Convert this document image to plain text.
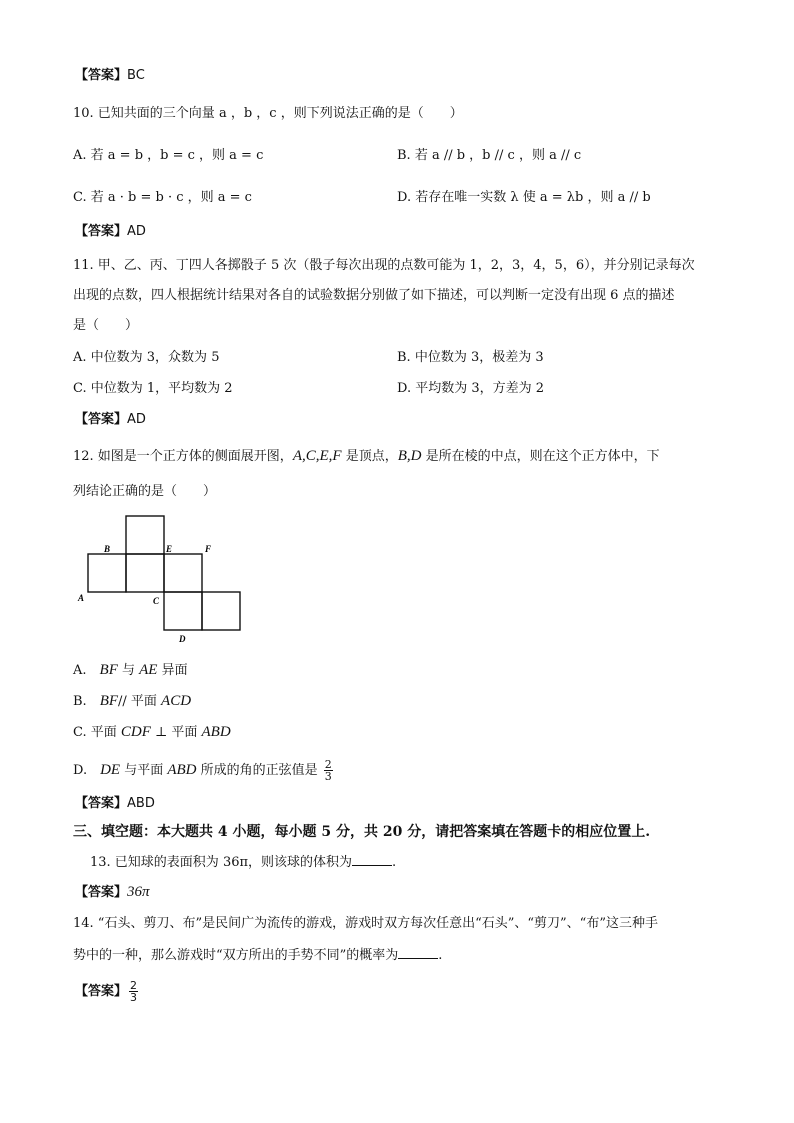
【答案】BC
10. 已知共面的三个向量 a ，b ，c ，则下列说法正确的是（　　）
A. 若 a = b ，b = c ，则 a = c	B. 若 a // b ，b // c ，则 a // c
C. 若 a · b = b · c ，则 a = c	D. 若存在唯一实数 λ 使 a = λb ，则 a // b
【答案】AD
11. 甲、乙、丙、丁四人各掷骰子 5 次（骰子每次出现的点数可能为 1，2，3，4，5，6），并分别记录每次
出现的点数，四人根据统计结果对各自的试验数据分别做了如下描述，可以判断一定没有出现 6 点的描述
是（　　）
A. 中位数为 3，众数为 5	B. 中位数为 3，极差为 3
C. 中位数为 1，平均数为 2	D. 平均数为 3，方差为 2
【答案】AD
12. 如图是一个正方体的侧面展开图，A,C,E,F 是顶点，B,D 是所在棱的中点，则在这个正方体中，下
列结论正确的是（　　）
B	E	F
A	C
D
A.　BF 与 AE 异面
B.　BF// 平面 ACD
C. 平面 CDF ⊥ 平面 ABD
D.　DE 与平面 ABD 所成的角的正弦值是 $\frac{2}{3}$
【答案】ABD
三、填空题：本大题共 4 小题，每小题 5 分，共 20 分，请把答案填在答题卡的相应位置上.
13. 已知球的表面积为 36π，则该球的体积为	.
【答案】36π
14. “石头、剪刀、布”是民间广为流传的游戏，游戏时双方每次任意出“石头”、“剪刀”、“布”这三种手
势中的一种，那么游戏时“双方所出的手势不同”的概率为	.
【答案】 $\frac{2}{3}$
